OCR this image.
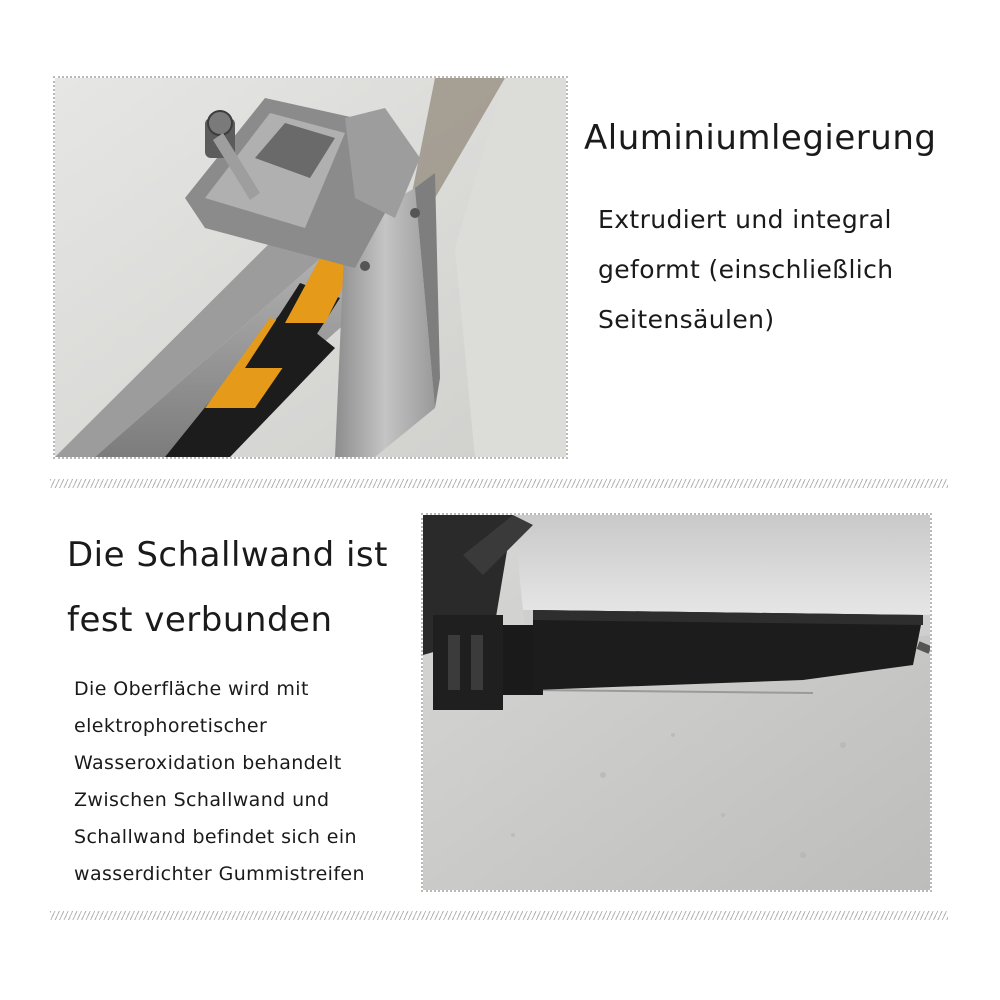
Aluminiumlegierung
Extrudiert und integral
geformt (einschließlich
Seitensäulen)
Die Schallwand ist
fest verbunden
Die Oberfläche wird mit
elektrophoretischer
Wasseroxidation behandelt
Zwischen Schallwand und
Schallwand befindet sich ein
wasserdichter Gummistreifen
